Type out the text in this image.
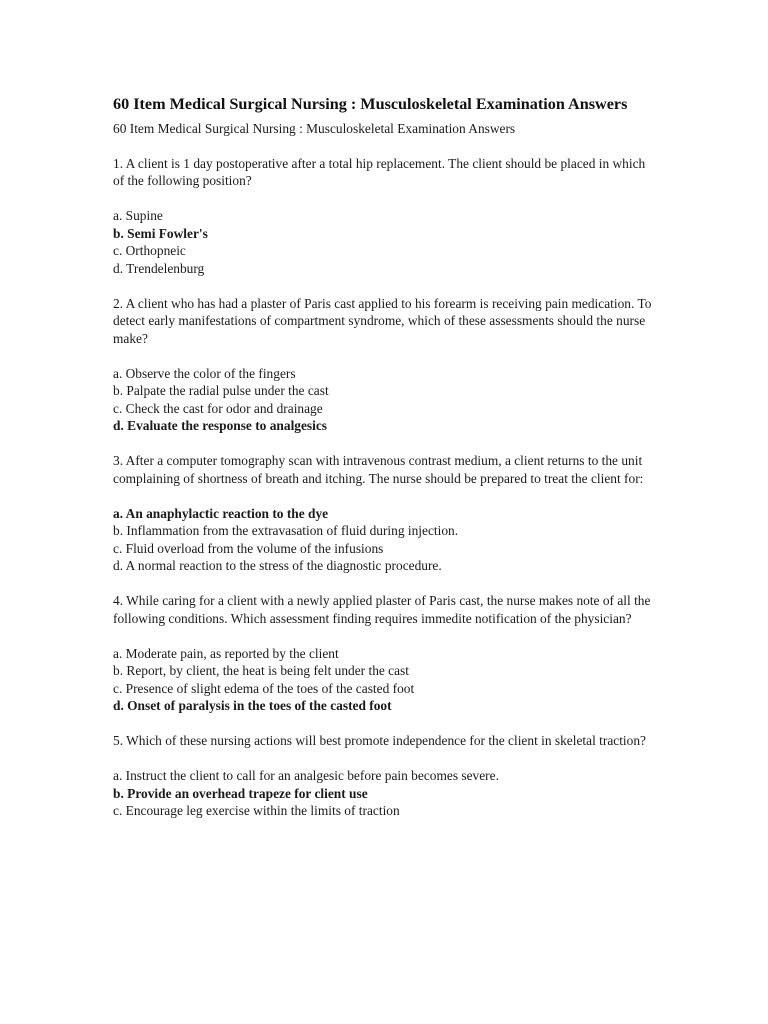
60 Item Medical Surgical Nursing : Musculoskeletal Examination Answers

60 Item Medical Surgical Nursing : Musculoskeletal Examination Answers

1. A client is 1 day postoperative after a total hip replacement. The client should be placed in which of the following position?

a. Supine

b. Semi Fowler's

c. Orthopneic

d. Trendelenburg

2. A client who has had a plaster of Paris cast applied to his forearm is receiving pain medication. To detect early manifestations of compartment syndrome, which of these assessments should the nurse make?

a. Observe the color of the fingers

b. Palpate the radial pulse under the cast

c. Check the cast for odor and drainage

d. Evaluate the response to analgesics

3. After a computer tomography scan with intravenous contrast medium, a client returns to the unit complaining of shortness of breath and itching. The nurse should be prepared to treat the client for:

a. An anaphylactic reaction to the dye

b. Inflammation from the extravasation of fluid during injection.

c. Fluid overload from the volume of the infusions

d. A normal reaction to the stress of the diagnostic procedure.

4. While caring for a client with a newly applied plaster of Paris cast, the nurse makes note of all the following conditions. Which assessment finding requires immedite notification of the physician?

a. Moderate pain, as reported by the client

b. Report, by client, the heat is being felt under the cast

c. Presence of slight edema of the toes of the casted foot

d. Onset of paralysis in the toes of the casted foot

5. Which of these nursing actions will best promote independence for the client in skeletal traction?

a. Instruct the client to call for an analgesic before pain becomes severe.

b. Provide an overhead trapeze for client use

c. Encourage leg exercise within the limits of traction
